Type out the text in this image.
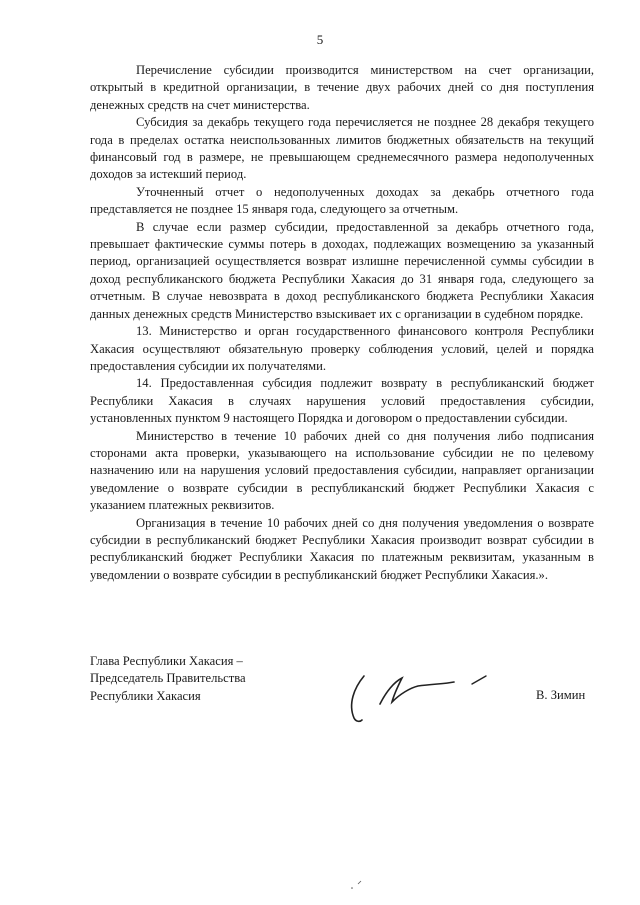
5

Перечисление субсидии производится министерством на счет организации, открытый в кредитной организации, в течение двух рабочих дней со дня поступления денежных средств на счет министерства.

Субсидия за декабрь текущего года перечисляется не позднее 28 декабря текущего года в пределах остатка неиспользованных лимитов бюджетных обязательств на текущий финансовый год в размере, не превышающем среднемесячного размера недополученных доходов за истекший период.

Уточненный отчет о недополученных доходах за декабрь отчетного года представляется не позднее 15 января года, следующего за отчетным.

В случае если размер субсидии, предоставленной за декабрь отчетного года, превышает фактические суммы потерь в доходах, подлежащих возмещению за указанный период, организацией осуществляется возврат излишне перечисленной суммы субсидии в доход республиканского бюджета Республики Хакасия до 31 января года, следующего за отчетным. В случае невозврата в доход республиканского бюджета Республики Хакасия данных денежных средств Министерство взыскивает их с организации в судебном порядке.

13. Министерство и орган государственного финансового контроля Республики Хакасия осуществляют обязательную проверку соблюдения условий, целей и порядка предоставления субсидии их получателями.

14. Предоставленная субсидия подлежит возврату в республиканский бюджет Республики Хакасия в случаях нарушения условий предоставления субсидии, установленных пунктом 9 настоящего Порядка и договором о предоставлении субсидии.

Министерство в течение 10 рабочих дней со дня получения либо подписания сторонами акта проверки, указывающего на использование субсидии не по целевому назначению или на нарушения условий предоставления субсидии, направляет организации уведомление о возврате субсидии в республиканский бюджет Республики Хакасия с указанием платежных реквизитов.

Организация в течение 10 рабочих дней со дня получения уведомления о возврате субсидии в республиканский бюджет Республики Хакасия производит возврат субсидии в республиканский бюджет Республики Хакасия по платежным реквизитам, указанным в уведомлении о возврате субсидии в республиканский бюджет Республики Хакасия.».

Глава Республики Хакасия –
Председатель Правительства
Республики Хакасия	В. Зимин
